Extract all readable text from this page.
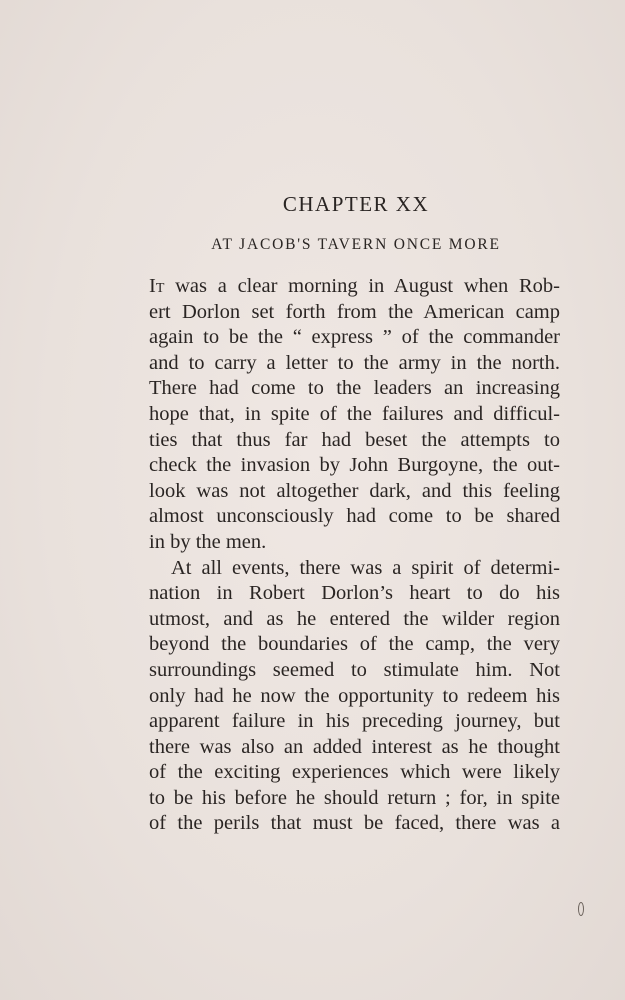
CHAPTER XX
AT JACOB'S TAVERN ONCE MORE
It was a clear morning in August when Rob-
ert Dorlon set forth from the American camp
again to be the “ express ” of the commander
and to carry a letter to the army in the north.
There had come to the leaders an increasing
hope that, in spite of the failures and difficul-
ties that thus far had beset the attempts to
check the invasion by John Burgoyne, the out-
look was not altogether dark, and this feeling
almost unconsciously had come to be shared
in by the men.
At all events, there was a spirit of determi-
nation in Robert Dorlon’s heart to do his
utmost, and as he entered the wilder region
beyond the boundaries of the camp, the very
surroundings seemed to stimulate him. Not
only had he now the opportunity to redeem his
apparent failure in his preceding journey, but
there was also an added interest as he thought
of the exciting experiences which were likely
to be his before he should return ; for, in spite
of the perils that must be faced, there was a
